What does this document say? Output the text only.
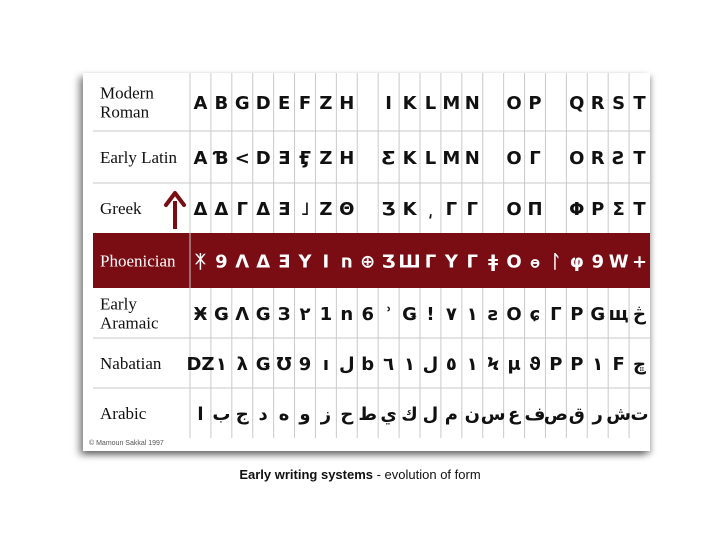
Modern
Roman A B G D E F Z H I K L M N O P Q R S T
Early Latin A Ɓ < D Ǝ Ӻ Z H Ƹ K L M N O Γ O R Ƨ T
Greek	Δ Δ Γ Δ Ǝ ˩ Z Θ Ʒ K ͵ Γ Γ O Π Φ P Σ T
Phoenician ᛡ 9 Λ Δ Ǝ Y I ח ⊕ Ʒ Ш Γ Y Γ ǂ O ⲑ ᛚ φ 9 W +
Early
Aramaic Ӿ Ǥ Λ Ǥ З ٢ 1 n 6 ʾ Ǥ ǃ ٧ ١ ƨ O ɕ Γ P Ǥ щ څ
Nabatian Ǳ ١ λ Ǥ Ʊ 9 ı ل b ٦ ١ ل ٥ ١ Ϟ μ ϑ P P ١ F ڇ
Arabic	ا ب ج د ه و ز ح ط ي ك ل م ن س ع ف
ص ق ر ش ت
© Mamoun Sakkal 1997
Early writing systems - evolution of form
